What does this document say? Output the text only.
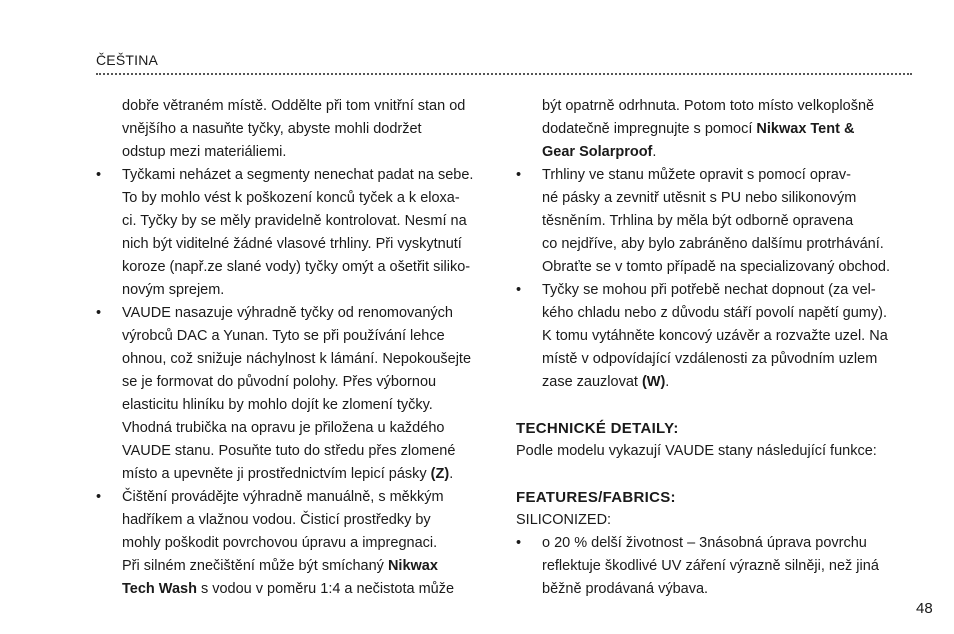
ČEŠTINA
dobře větraném místě. Oddělte při tom vnitřní stan od
vnějšího a nasuňte tyčky, abyste mohli dodržet
odstup mezi materiáliemi.
• Tyčkami neházet a segmenty nenechat padat na sebe.
To by mohlo vést k poškození konců tyček a k eloxa-
ci. Tyčky by se měly pravidelně kontrolovat. Nesmí na
nich být viditelné žádné vlasové trhliny. Při vyskytnutí
koroze (např.ze slané vody) tyčky omýt a ošetřit siliko-
novým sprejem.
• VAUDE nasazuje výhradně tyčky od renomovaných
výrobců DAC a Yunan. Tyto se při používání lehce
ohnou, což snižuje náchylnost k lámání. Nepokoušejte
se je formovat do původní polohy. Přes výbornou
elasticitu hliníku by mohlo dojít ke zlomení tyčky.
Vhodná trubička na opravu je přiložena u každého
VAUDE stanu. Posuňte tuto do středu přes zlomené
místo a upevněte ji prostřednictvím lepicí pásky (Z).
• Čištění provádějte výhradně manuálně, s měkkým
hadříkem a vlažnou vodou. Čisticí prostředky by
mohly poškodit povrchovou úpravu a impregnaci.
Při silném znečištění může být smíchaný Nikwax
Tech Wash s vodou v poměru 1:4 a nečistota může
být opatrně odrhnuta. Potom toto místo velkoplošně
dodatečně impregnujte s pomocí Nikwax Tent &
Gear Solarproof.
• Trhliny ve stanu můžete opravit s pomocí oprav-
né pásky a zevnitř utěsnit s PU nebo silikonovým
těsněním. Trhlina by měla být odborně opravena
co nejdříve, aby bylo zabráněno dalšímu protrhávání.
Obraťte se v tomto případě na specializovaný obchod.
• Tyčky se mohou při potřebě nechat dopnout (za vel-
kého chladu nebo z důvodu stáří povolí napětí gumy).
K tomu vytáhněte koncový uzávěr a rozvažte uzel. Na
místě v odpovídající vzdálenosti za původním uzlem
zase zauzlovat (W).
TECHNICKÉ DETAILY:
Podle modelu vykazují VAUDE stany následující funkce:
FEATURES/FABRICS:
SILICONIZED:
• o 20 % delší životnost – 3násobná úprava povrchu
reflektuje škodlivé UV záření výrazně silněji, než jiná
běžně prodávaná výbava.
48
